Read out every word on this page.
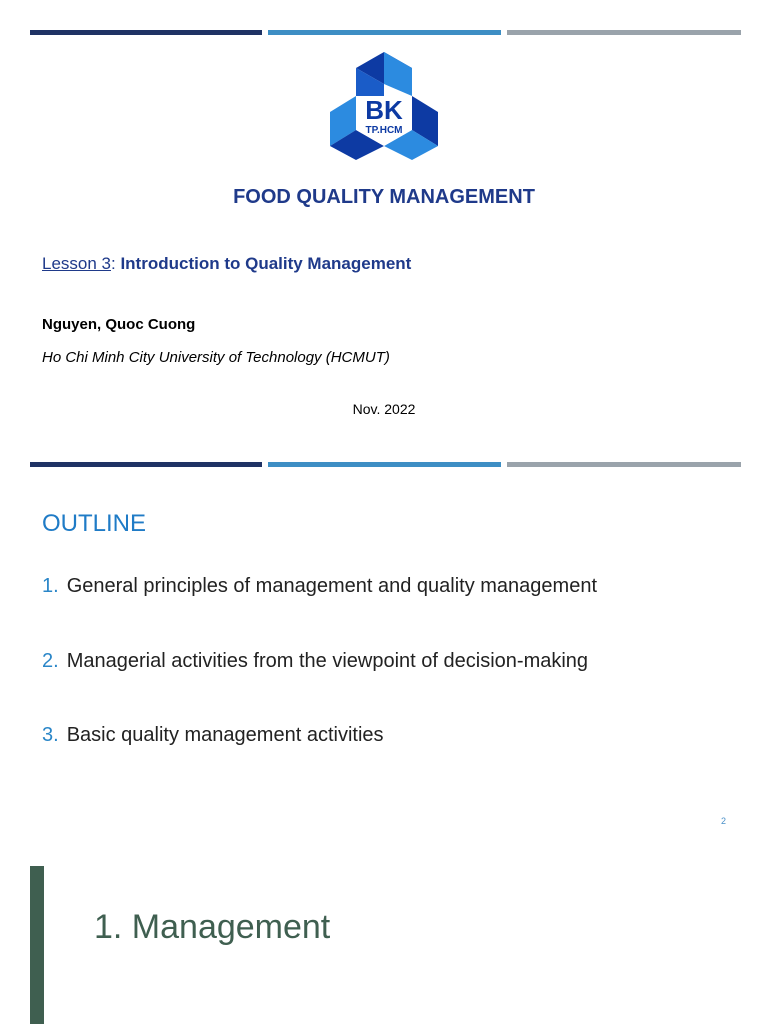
BK
TP.HCM
FOOD QUALITY MANAGEMENT
Lesson 3: Introduction to Quality Management
Nguyen, Quoc Cuong
Ho Chi Minh City University of Technology (HCMUT)
Nov. 2022
OUTLINE
1. General principles of management and quality management
2. Managerial activities from the viewpoint of decision-making
3. Basic quality management activities
2
1. Management
